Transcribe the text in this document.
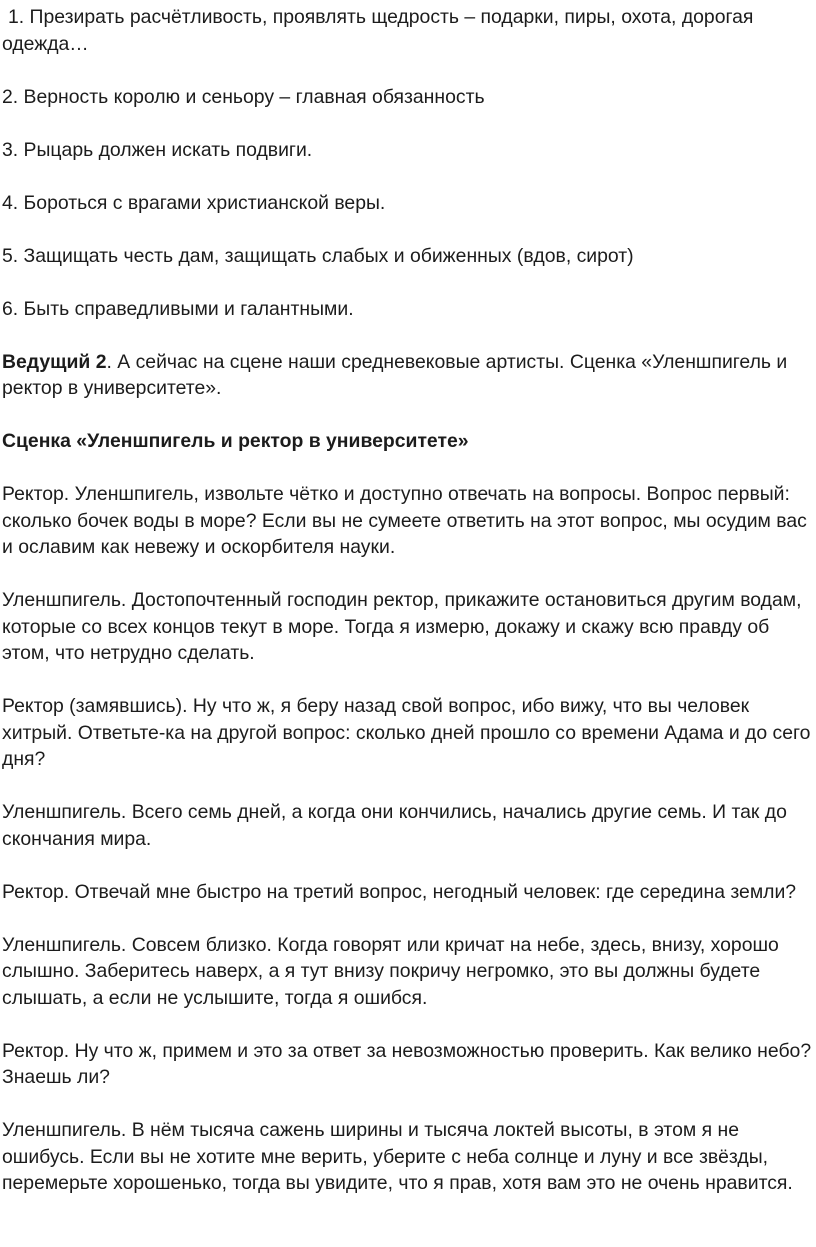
1. Презирать расчётливость, проявлять щедрость – подарки, пиры, охота, дорогая одежда…

2. Верность королю и сеньору – главная обязанность

3. Рыцарь должен искать подвиги.

4. Бороться с врагами христианской веры.

5. Защищать честь дам, защищать слабых и обиженных (вдов, сирот)

6. Быть справедливыми и галантными.

Ведущий 2. А сейчас на сцене наши средневековые артисты. Сценка «Уленшпигель и ректор в университете».

Сценка «Уленшпигель и ректор в университете»

Ректор. Уленшпигель, извольте чётко и доступно отвечать на вопросы. Вопрос первый: сколько бочек воды в море? Если вы не сумеете ответить на этот вопрос, мы осудим вас и ославим как невежу и оскорбителя науки.

Уленшпигель. Достопочтенный господин ректор, прикажите остановиться другим водам, которые со всех концов текут в море. Тогда я измерю, докажу и скажу всю правду об этом, что нетрудно сделать.

Ректор (замявшись). Ну что ж, я беру назад свой вопрос, ибо вижу, что вы человек хитрый. Ответьте-ка на другой вопрос: сколько дней прошло со времени Адама и до сего дня?

Уленшпигель. Всего семь дней, а когда они кончились, начались другие семь. И так до скончания мира.

Ректор. Отвечай мне быстро на третий вопрос, негодный человек: где середина земли?

Уленшпигель. Совсем близко. Когда говорят или кричат на небе, здесь, внизу, хорошо слышно. Заберитесь наверх, а я тут внизу покричу негромко, это вы должны будете слышать, а если не услышите, тогда я ошибся.

Ректор. Ну что ж, примем и это за ответ за невозможностью проверить. Как велико небо? Знаешь ли?

Уленшпигель. В нём тысяча сажень ширины и тысяча локтей высоты, в этом я не ошибусь. Если вы не хотите мне верить, уберите с неба солнце и луну и все звёзды, перемерьте хорошенько, тогда вы увидите, что я прав, хотя вам это не очень нравится.
